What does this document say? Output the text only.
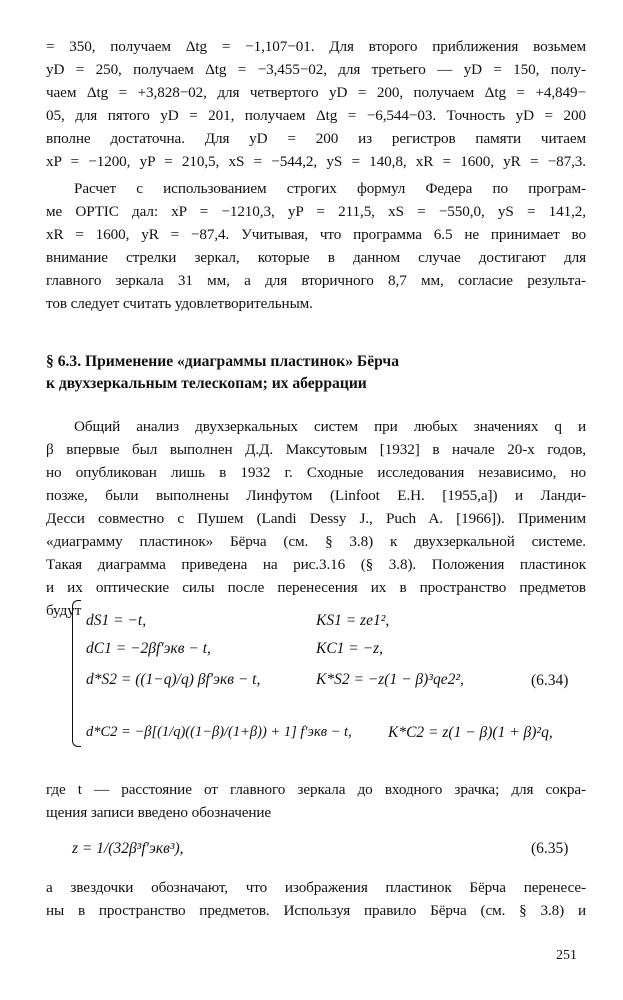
= 350, получаем Δtg = −1,107−01. Для второго приближения возьмем
yD = 250, получаем Δtg = −3,455−02, для третьего — yD = 150, полу-
чаем Δtg = +3,828−02, для четвертого yD = 200, получаем Δtg = +4,849−
05, для пятого yD = 201, получаем Δtg = −6,544−03. Точность yD = 200
вполне достаточна. Для yD = 200 из регистров памяти читаем
xP = −1200, yP = 210,5, xS = −544,2, yS = 140,8, xR = 1600, yR = −87,3.
Расчет с использованием строгих формул Федера по програм-
ме OPTIC дал: xP = −1210,3, yP = 211,5, xS = −550,0, yS = 141,2,
xR = 1600, yR = −87,4. Учитывая, что программа 6.5 не принимает во
внимание стрелки зеркал, которые в данном случае достигают для
главного зеркала 31 мм, а для вторичного 8,7 мм, согласие результа-
тов следует считать удовлетворительным.
§ 6.3. Применение «диаграммы пластинок» Бёрча
к двухзеркальным телескопам; их аберрации
Общий анализ двухзеркальных систем при любых значениях q и
β впервые был выполнен Д.Д. Максутовым [1932] в начале 20-х годов,
но опубликован лишь в 1932 г. Сходные исследования независимо, но
позже, были выполнены Линфутом (Linfoot E.H. [1955,a]) и Ланди-
Десси совместно с Пушем (Landi Dessy J., Puch A. [1966]). Применим
«диаграмму пластинок» Бёрча (см. § 3.8) к двухзеркальной системе.
Такая диаграмма приведена на рис.3.16 (§ 3.8). Положения пластинок
и их оптические силы после перенесения их в пространство предметов
будут
dS1 = −t,
dC1 = −2βf′экв − t,
d*S2 = ((1−q)/q) βf′экв − t,
d*C2 = −β[(1/q)((1−β)/(1+β)) + 1] f′экв − t,
KS1 = ze1²,
KC1 = −z,
K*S2 = −z(1 − β)³qe2²,
K*C2 = z(1 − β)(1 + β)²q,
(6.34)
где t — расстояние от главного зеркала до входного зрачка; для сокра-
щения записи введено обозначение
z = 1/(32β³f′экв³),	(6.35)
а звездочки обозначают, что изображения пластинок Бёрча перенесе-
ны в пространство предметов. Используя правило Бёрча (см. § 3.8) и
251
